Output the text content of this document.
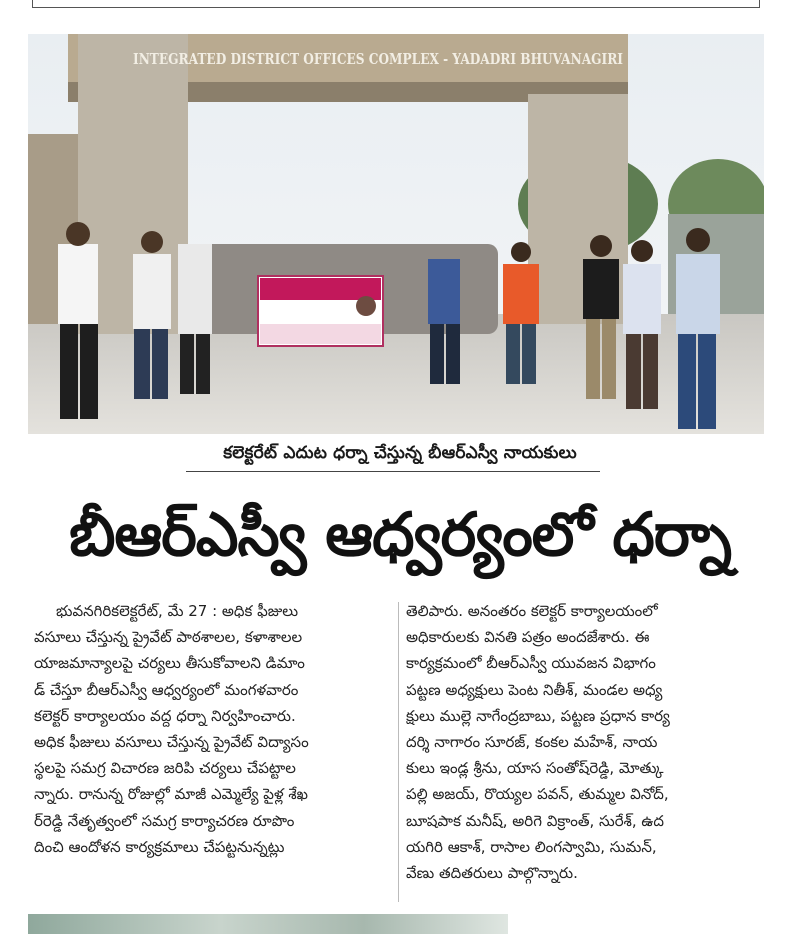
INTEGRATED DISTRICT OFFICES COMPLEX - YADADRI BHUVANAGIRI
కలెక్టరేట్ ఎదుట ధర్నా చేస్తున్న బీఆర్ఎస్వీ నాయకులు
బీఆర్ఎస్వీ ఆధ్వర్యంలో ధర్నా
భువనగిరికలెక్టరేట్, మే 27 : అధిక ఫీజులు
వసూలు చేస్తున్న ప్రైవేట్ పాఠశాలల, కళాశాలల
యాజమాన్యాలపై చర్యలు తీసుకోవాలని డిమాం
డ్ చేస్తూ బీఆర్ఎస్వీ ఆధ్వర్యంలో మంగళవారం
కలెక్టర్ కార్యాలయం వద్ద ధర్నా నిర్వహించారు.
అధిక ఫీజులు వసూలు చేస్తున్న ప్రైవేట్ విద్యాసం
స్థలపై సమగ్ర విచారణ జరిపి చర్యలు చేపట్టాల
న్నారు. రానున్న రోజుల్లో మాజీ ఎమ్మెల్యే పైళ్ల శేఖ
ర్‌రెడ్డి నేతృత్వంలో సమగ్ర కార్యాచరణ రూపొం
దించి ఆందోళన కార్యక్రమాలు చేపట్టనున్నట్లు
తెలిపారు. అనంతరం కలెక్టర్ కార్యాలయంలో
అధికారులకు వినతి పత్రం అందజేశారు. ఈ
కార్యక్రమంలో బీఆర్ఎస్వీ యువజన విభాగం
పట్టణ అధ్యక్షులు పెంట నితీశ్, మండల అధ్య
క్షులు ముల్లె నాగేంద్రబాబు, పట్టణ ప్రధాన కార్య
దర్శి నాగారం సూరజ్, కంకల మహేశ్, నాయ
కులు ఇండ్ల శ్రీను, యాస సంతోష్‌రెడ్డి, మోత్కు
పల్లి అజయ్, రొయ్యల పవన్, తుమ్మల వినోద్,
బూషపాక మనీష్, అరిగె విక్రాంత్, సురేశ్, ఉద
యగిరి ఆకాశ్, రాసాల లింగస్వామి, సుమన్,
వేణు తదితరులు పాల్గొన్నారు.
